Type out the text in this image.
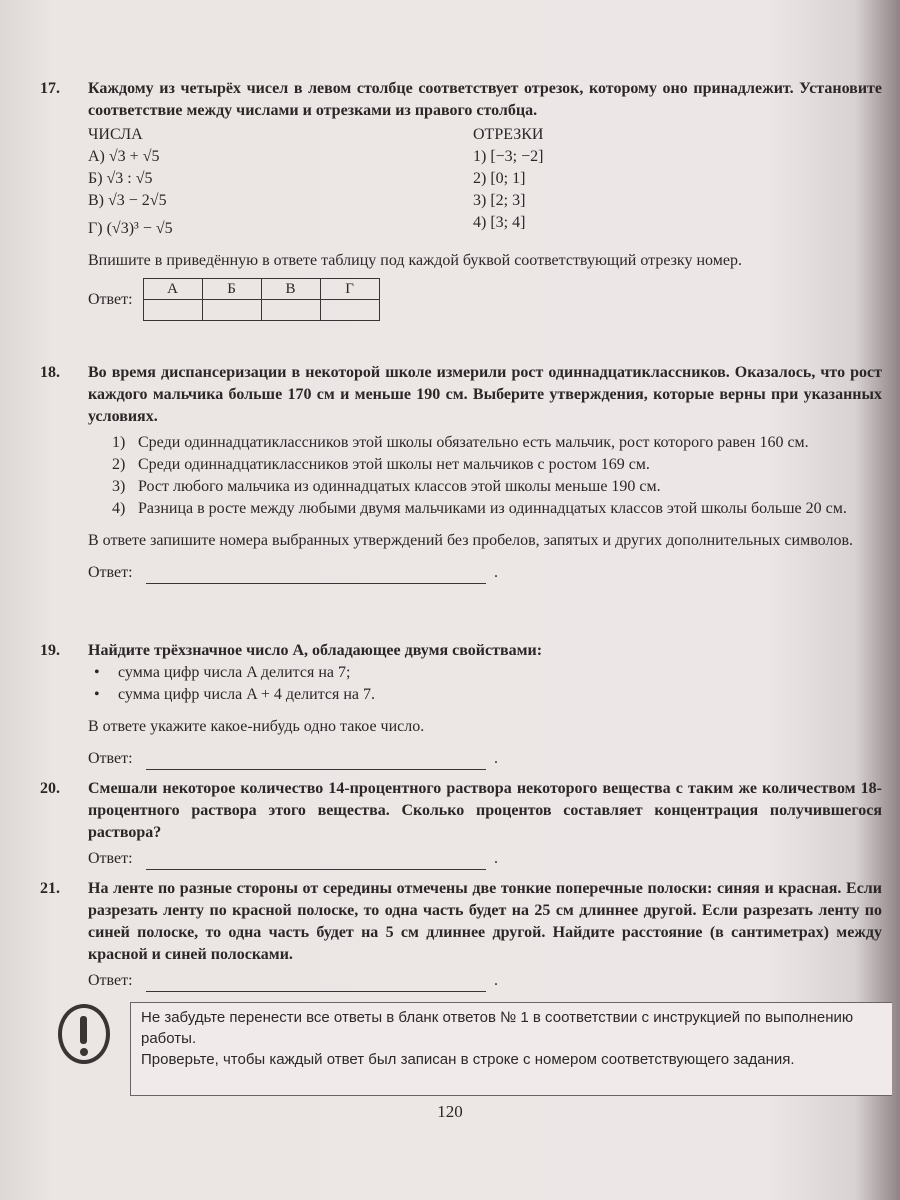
17.	Каждому из четырёх чисел в левом столбце соответствует отрезок, которому оно принадлежит. Установите соответствие между числами и отрезками из правого столбца.
ЧИСЛА
А) √3 + √5
Б) √3 : √5
В) √3 − 2√5
Г) (√3)³ − √5
ОТРЕЗКИ
1) [−3; −2]
2) [0; 1]
3) [2; 3]
4) [3; 4]
Впишите в приведённую в ответе таблицу под каждой буквой соответствующий отрезку номер.
Ответ:
А	Б	В	Г

18.	Во время диспансеризации в некоторой школе измерили рост одиннадцатиклассников. Оказалось, что рост каждого мальчика больше 170 см и меньше 190 см. Выберите утверждения, которые верны при указанных условиях.
1) Среди одиннадцатиклассников этой школы обязательно есть мальчик, рост которого равен 160 см.
2) Среди одиннадцатиклассников этой школы нет мальчиков с ростом 169 см.
3) Рост любого мальчика из одиннадцатых классов этой школы меньше 190 см.
4) Разница в росте между любыми двумя мальчиками из одиннадцатых классов этой школы больше 20 см.
В ответе запишите номера выбранных утверждений без пробелов, запятых и других дополнительных символов.
Ответ:	.
19.	Найдите трёхзначное число A, обладающее двумя свойствами:
•	сумма цифр числа A делится на 7;
•	сумма цифр числа A + 4 делится на 7.
В ответе укажите какое-нибудь одно такое число.
Ответ:	.
20.	Смешали некоторое количество 14-процентного раствора некоторого вещества с таким же количеством 18-процентного раствора этого вещества. Сколько процентов составляет концентрация получившегося раствора?
Ответ:	.
21.	На ленте по разные стороны от середины отмечены две тонкие поперечные полоски: синяя и красная. Если разрезать ленту по красной полоске, то одна часть будет на 25 см длиннее другой. Если разрезать ленту по синей полоске, то одна часть будет на 5 см длиннее другой. Найдите расстояние (в сантиметрах) между красной и синей полосками.
Ответ:	.
Не забудьте перенести все ответы в бланк ответов № 1 в соответствии с инструкцией по выполнению работы.
Проверьте, чтобы каждый ответ был записан в строке с номером соответствующего задания.
120
